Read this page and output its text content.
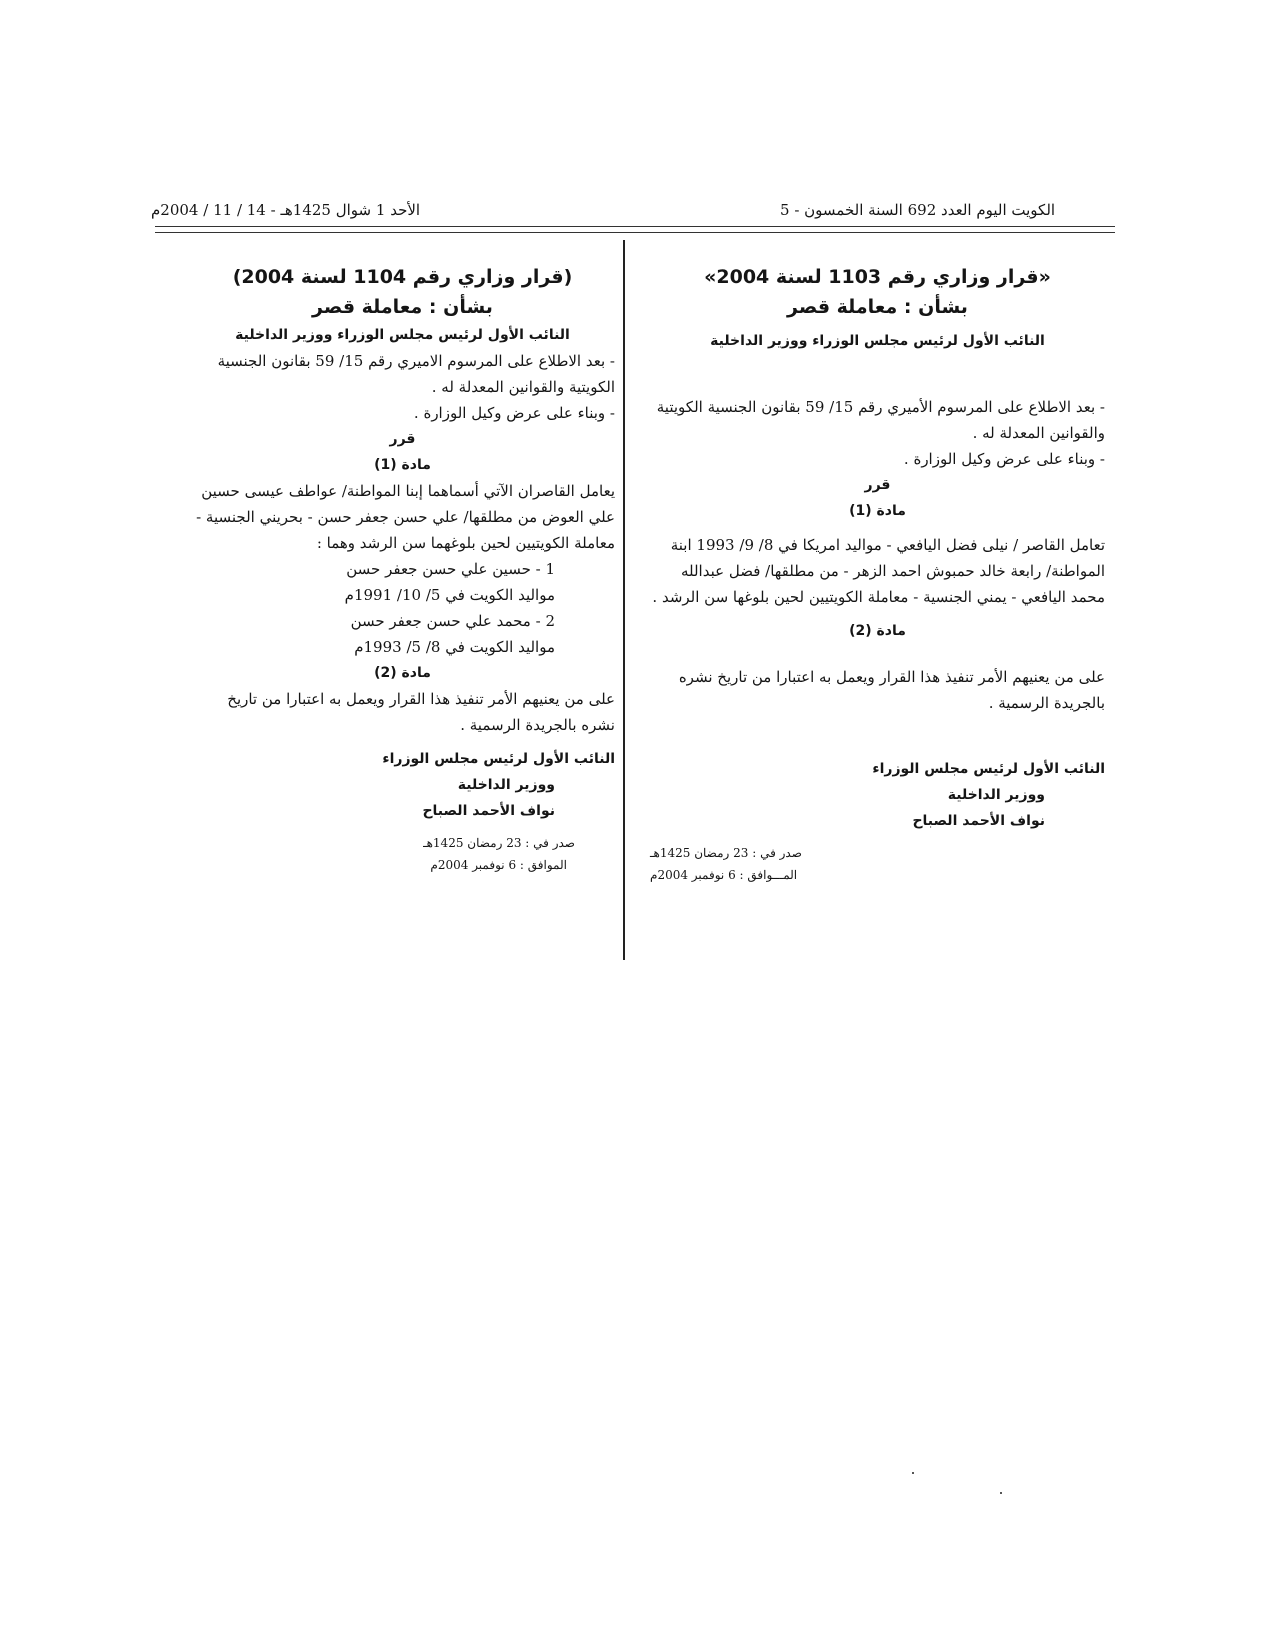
الكويت اليوم العدد 692 السنة الخمسون - 5
الأحد 1 شوال 1425هـ - 14 / 11 / 2004م
«قرار وزاري رقم 1103 لسنة 2004»
بشأن : معاملة قصر
النائب الأول لرئيس مجلس الوزراء ووزير الداخلية

- بعد الاطلاع على المرسوم الأميري رقم 15/ 59 بقانون الجنسية الكويتية والقوانين المعدلة له .

- وبناء على عرض وكيل الوزارة .

قرر
مادة (1)

تعامل القاصر / نيلى فضل اليافعي - مواليد امريكا في 8/ 9/ 1993 ابنة المواطنة/ رابعة خالد حمبوش احمد الزهر - من مطلقها/ فضل عبدالله محمد اليافعي - يمني الجنسية - معاملة الكويتيين لحين بلوغها سن الرشد .

مادة (2)

على من يعنيهم الأمر تنفيذ هذا القرار ويعمل به اعتبارا من تاريخ نشره بالجريدة الرسمية .

النائب الأول لرئيس مجلس الوزراء
ووزير الداخلية
نواف الأحمد الصباح
صدر في : 23 رمضان 1425هـ
المـــوافق : 6 نوفمبر 2004م
(قرار وزاري رقم 1104 لسنة 2004)
بشأن : معاملة قصر
النائب الأول لرئيس مجلس الوزراء ووزير الداخلية

- بعد الاطلاع على المرسوم الاميري رقم 15/ 59 بقانون الجنسية الكويتية والقوانين المعدلة له .

- وبناء على عرض وكيل الوزارة .

قرر
مادة (1)

يعامل القاصران الآتي أسماهما إبنا المواطنة/ عواطف عيسى حسين علي العوض من مطلقها/ علي حسن جعفر حسن - بحريني الجنسية - معاملة الكويتيين لحين بلوغهما سن الرشد وهما :

1 - حسين علي حسن جعفر حسن
مواليد الكويت في 5/ 10/ 1991م
2 - محمد علي حسن جعفر حسن
مواليد الكويت في 8/ 5/ 1993م
مادة (2)

على من يعنيهم الأمر تنفيذ هذا القرار ويعمل به اعتبارا من تاريخ نشره بالجريدة الرسمية .

النائب الأول لرئيس مجلس الوزراء
ووزير الداخلية
نواف الأحمد الصباح
صدر في : 23 رمضان 1425هـ
الموافق : 6 نوفمبر 2004م
